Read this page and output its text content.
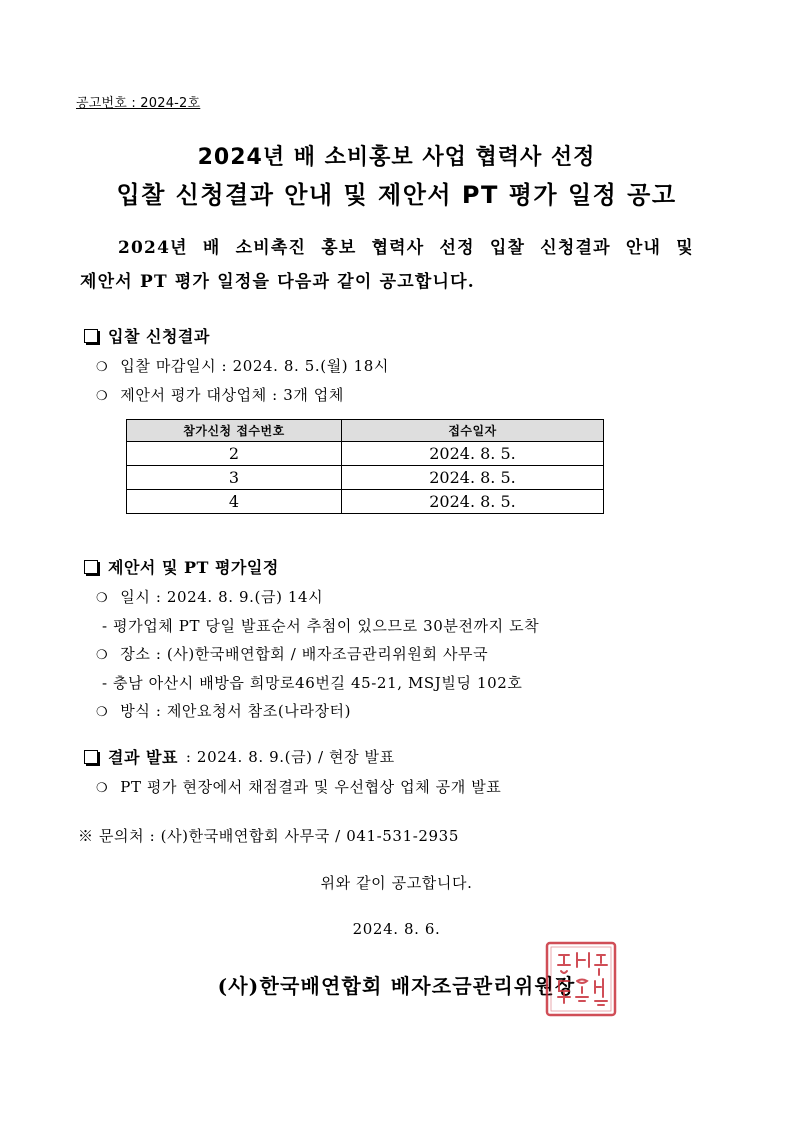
공고번호 : 2024-2호
2024년 배 소비홍보 사업 협력사 선정
입찰 신청결과 안내 및 제안서 PT 평가 일정 공고
2024년 배 소비촉진 홍보 협력사 선정 입찰 신청결과 안내 및
제안서 PT 평가 일정을 다음과 같이 공고합니다.
입찰 신청결과
❍ 입찰 마감일시 : 2024. 8. 5.(월) 18시
❍ 제안서 평가 대상업체 : 3개 업체
참가신청 접수번호	접수일자
2	2024. 8. 5.
3	2024. 8. 5.
4	2024. 8. 5.
제안서 및 PT 평가일정
❍ 일시 : 2024. 8. 9.(금) 14시
- 평가업체 PT 당일 발표순서 추첨이 있으므로 30분전까지 도착
❍ 장소 : (사)한국배연합회 / 배자조금관리위원회 사무국
- 충남 아산시 배방읍 희망로46번길 45-21, MSJ빌딩 102호
❍ 방식 : 제안요청서 참조(나라장터)
결과 발표 : 2024. 8. 9.(금) / 현장 발표
❍ PT 평가 현장에서 채점결과 및 우선협상 업체 공개 발표
※ 문의처 : (사)한국배연합회 사무국 / 041-531-2935
위와 같이 공고합니다.
2024. 8. 6.
(사)한국배연합회 배자조금관리위원장
